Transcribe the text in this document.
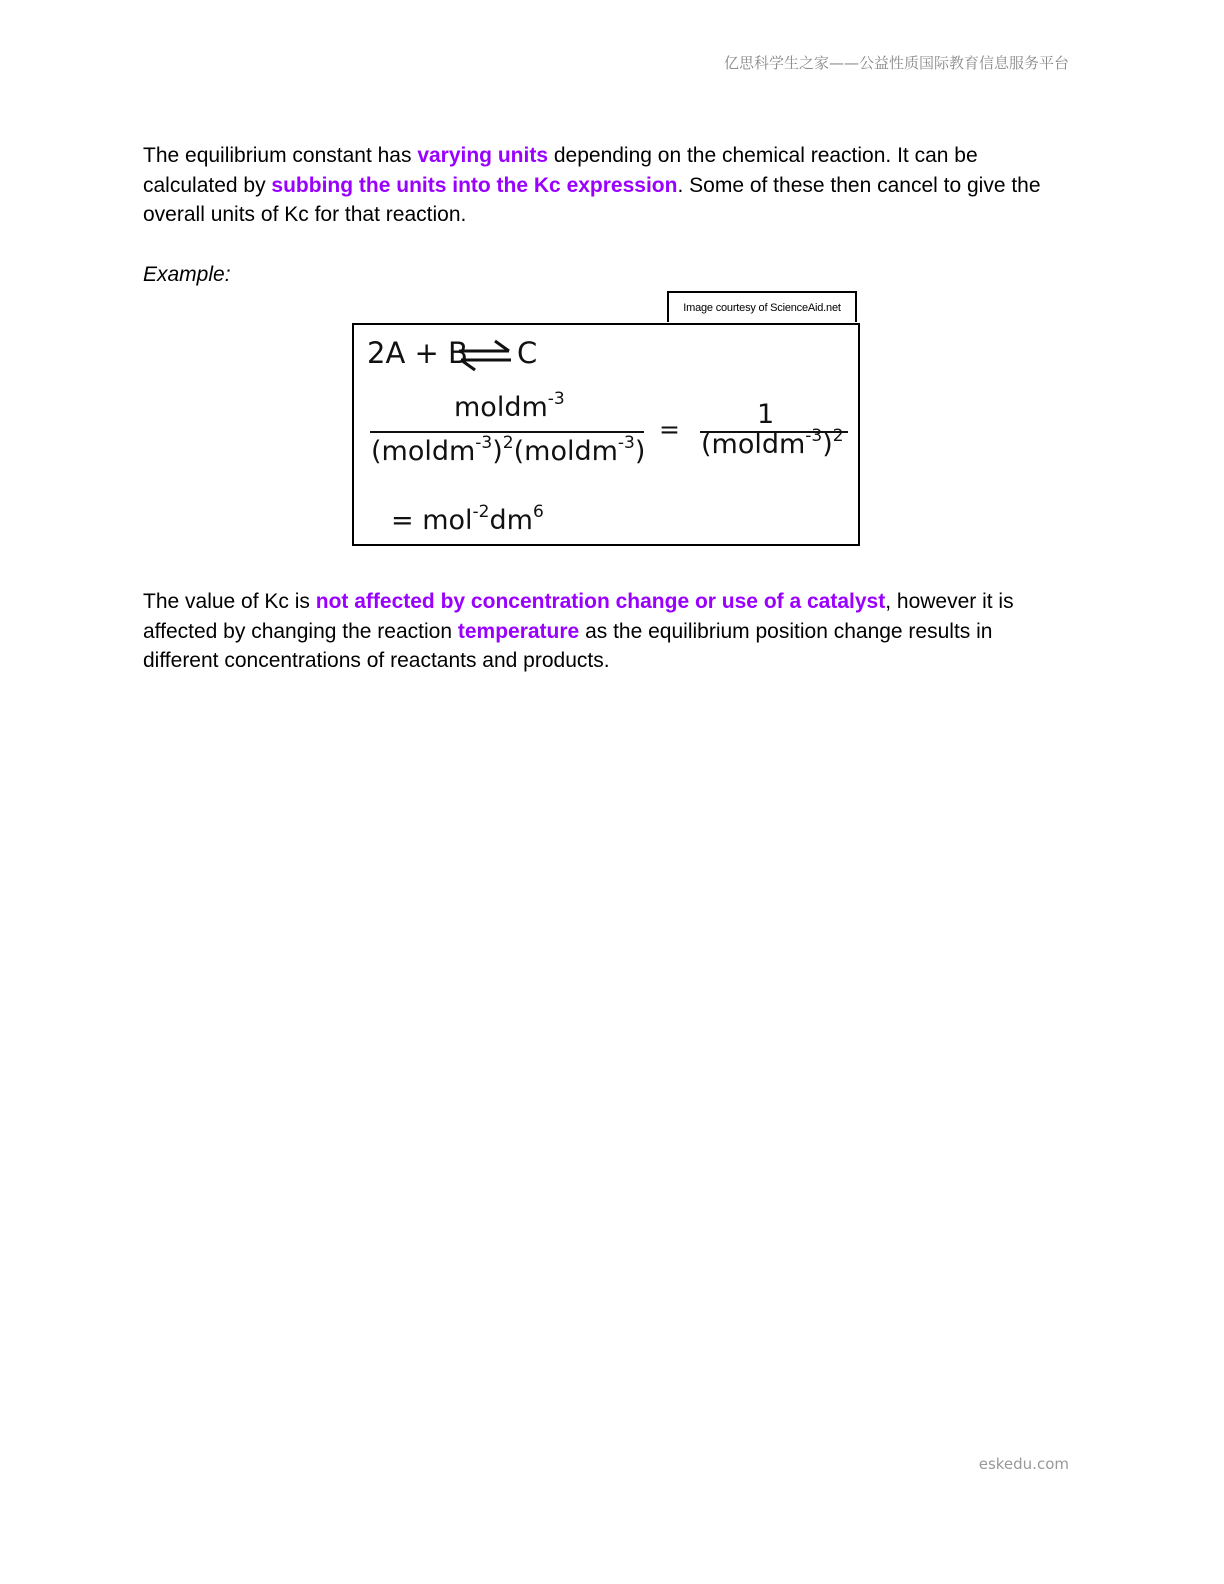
亿思科学生之家——公益性质国际教育信息服务平台
The equilibrium constant has varying units depending on the chemical reaction. It can be calculated by subbing the units into the Kc expression. Some of these then cancel to give the overall units of Kc for that reaction.
Example:
Image courtesy of ScienceAid.net
2A + B ⇌ C
moldm$^{-3}$
(moldm$^{-3}$)$^2$(moldm$^{-3}$)
=	1
(moldm$^{-3}$)$^2$
= $mol^{-2}dm^6$
The value of Kc is not affected by concentration change or use of a catalyst, however it is affected by changing the reaction temperature as the equilibrium position change results in different concentrations of reactants and products.
eskedu.com
